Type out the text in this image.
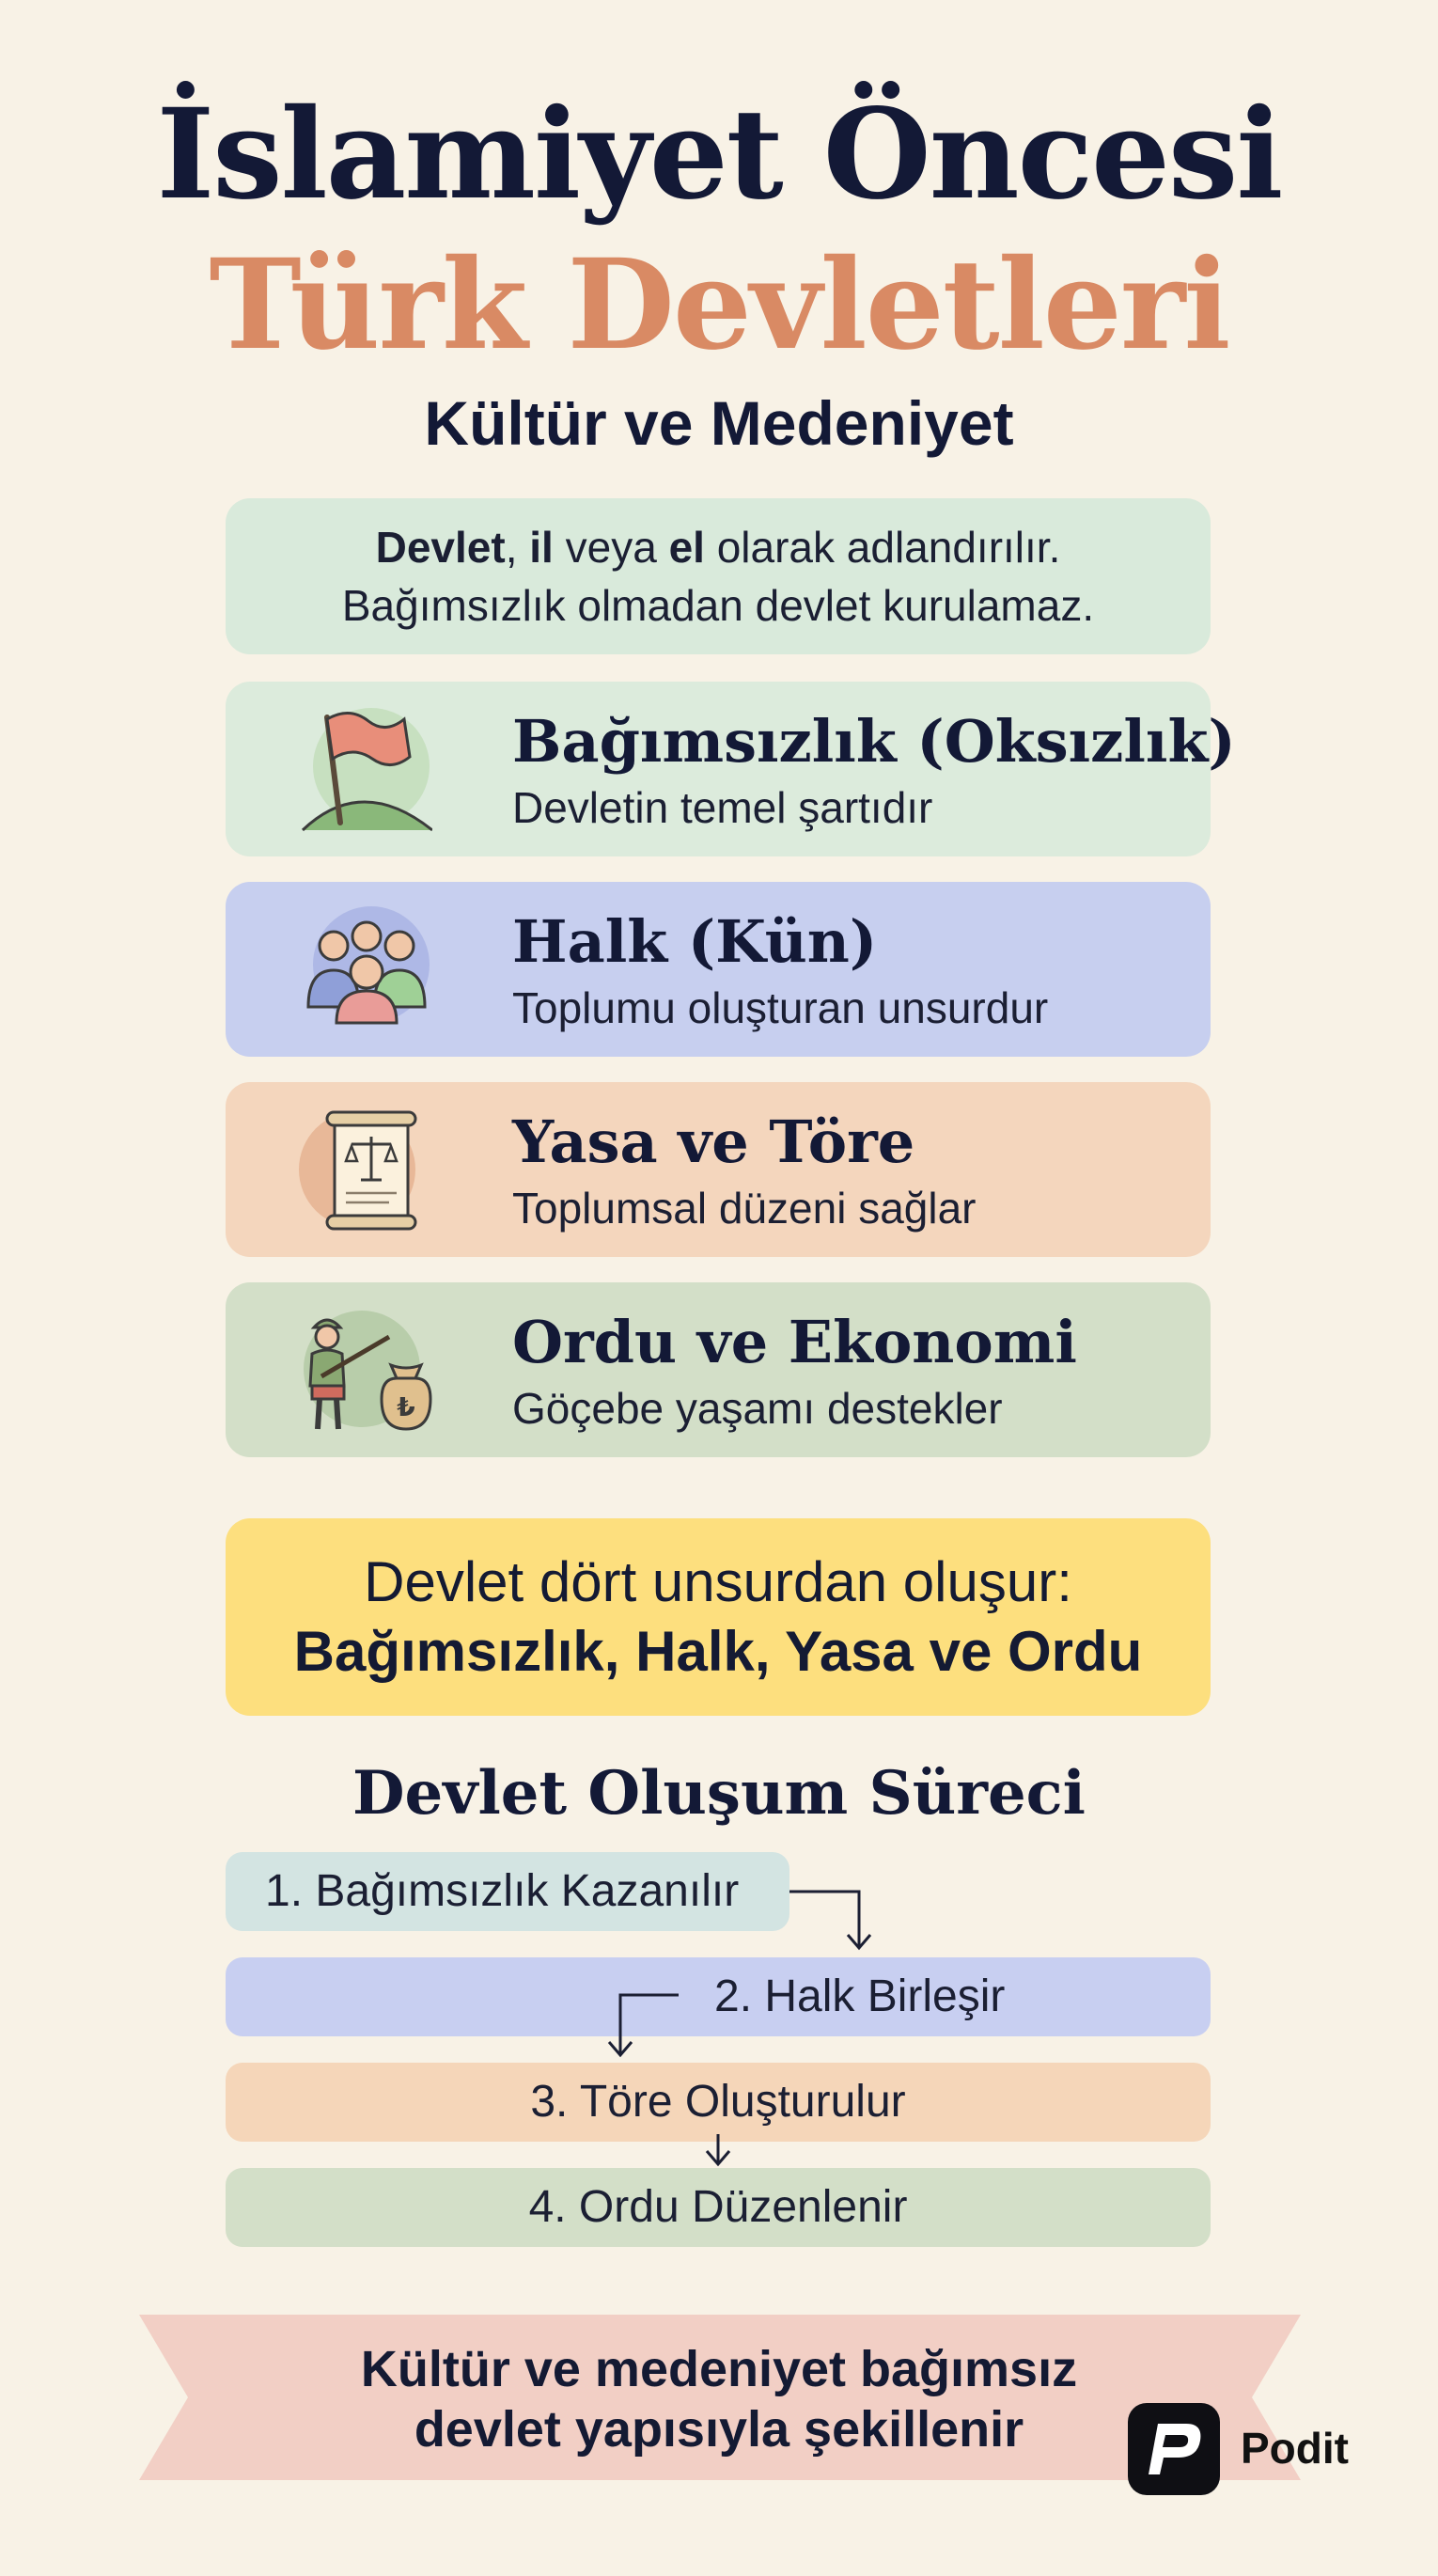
İslamiyet Öncesi
Türk Devletleri
Kültür ve Medeniyet
Devlet, il veya el olarak adlandırılır.
Bağımsızlık olmadan devlet kurulamaz.
Bağımsızlık (Oksızlık)
Devletin temel şartıdır
Halk (Kün)
Toplumu oluşturan unsurdur
Yasa ve Töre
Toplumsal düzeni sağlar
₺
Ordu ve Ekonomi
Göçebe yaşamı destekler
Devlet dört unsurdan oluşur:
Bağımsızlık, Halk, Yasa ve Ordu
Devlet Oluşum Süreci
1. Bağımsızlık Kazanılır
2. Halk Birleşir
3. Töre Oluşturulur
4. Ordu Düzenlenir
Kültür ve medeniyet bağımsız
devlet yapısıyla şekillenir	Podit
